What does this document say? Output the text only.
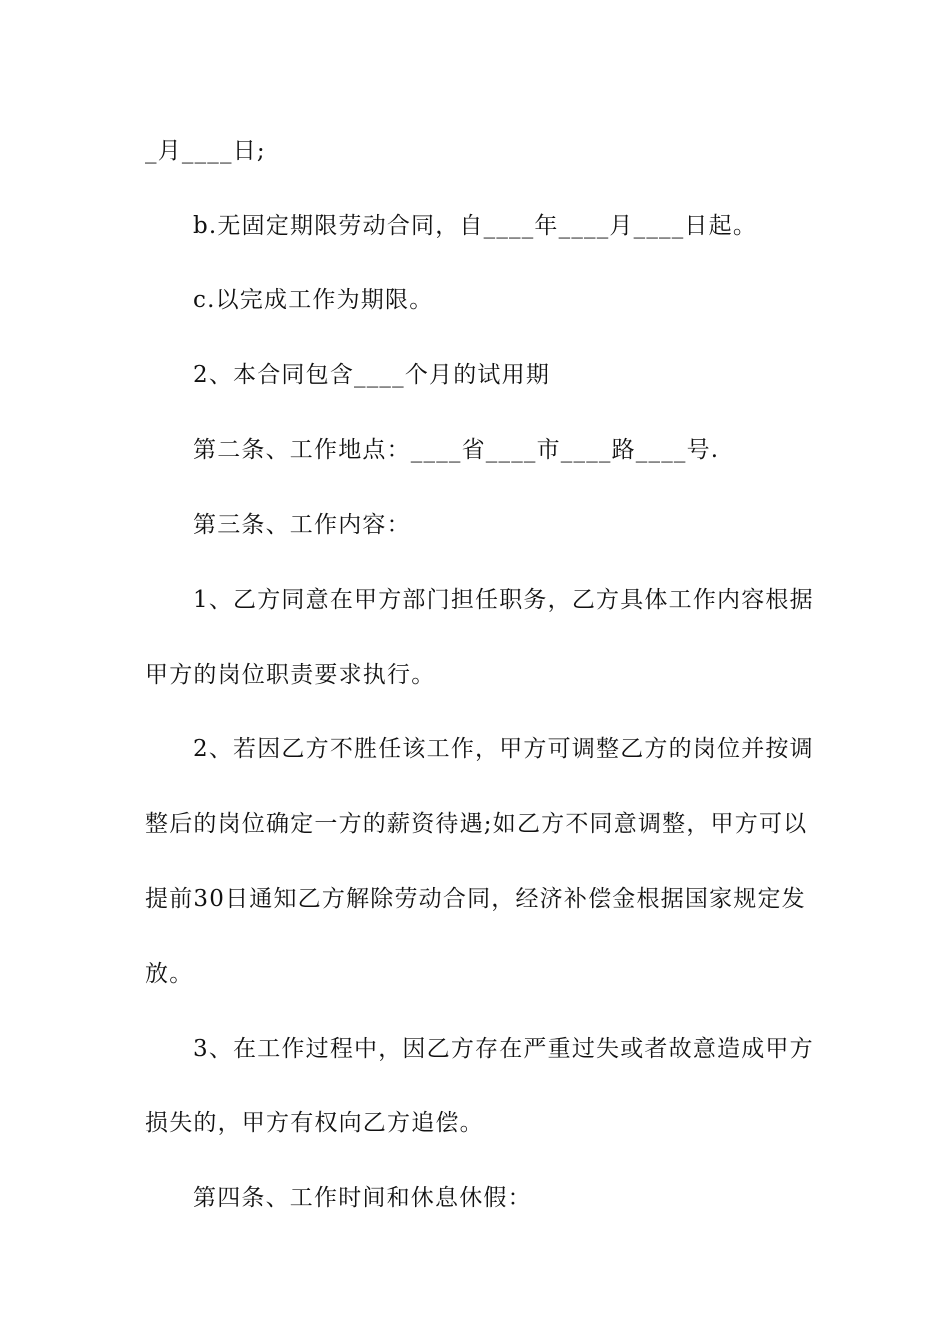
_月____日;
b.无固定期限劳动合同，自____年____月____日起。
c.以完成工作为期限。
2、本合同包含____个月的试用期
第二条、工作地点：____省____市____路____号.
第三条、工作内容：
1、乙方同意在甲方部门担任职务，乙方具体工作内容根据
甲方的岗位职责要求执行。
2、若因乙方不胜任该工作，甲方可调整乙方的岗位并按调
整后的岗位确定一方的薪资待遇;如乙方不同意调整，甲方可以
提前30日通知乙方解除劳动合同，经济补偿金根据国家规定发
放。
3、在工作过程中，因乙方存在严重过失或者故意造成甲方
损失的，甲方有权向乙方追偿。
第四条、工作时间和休息休假：
